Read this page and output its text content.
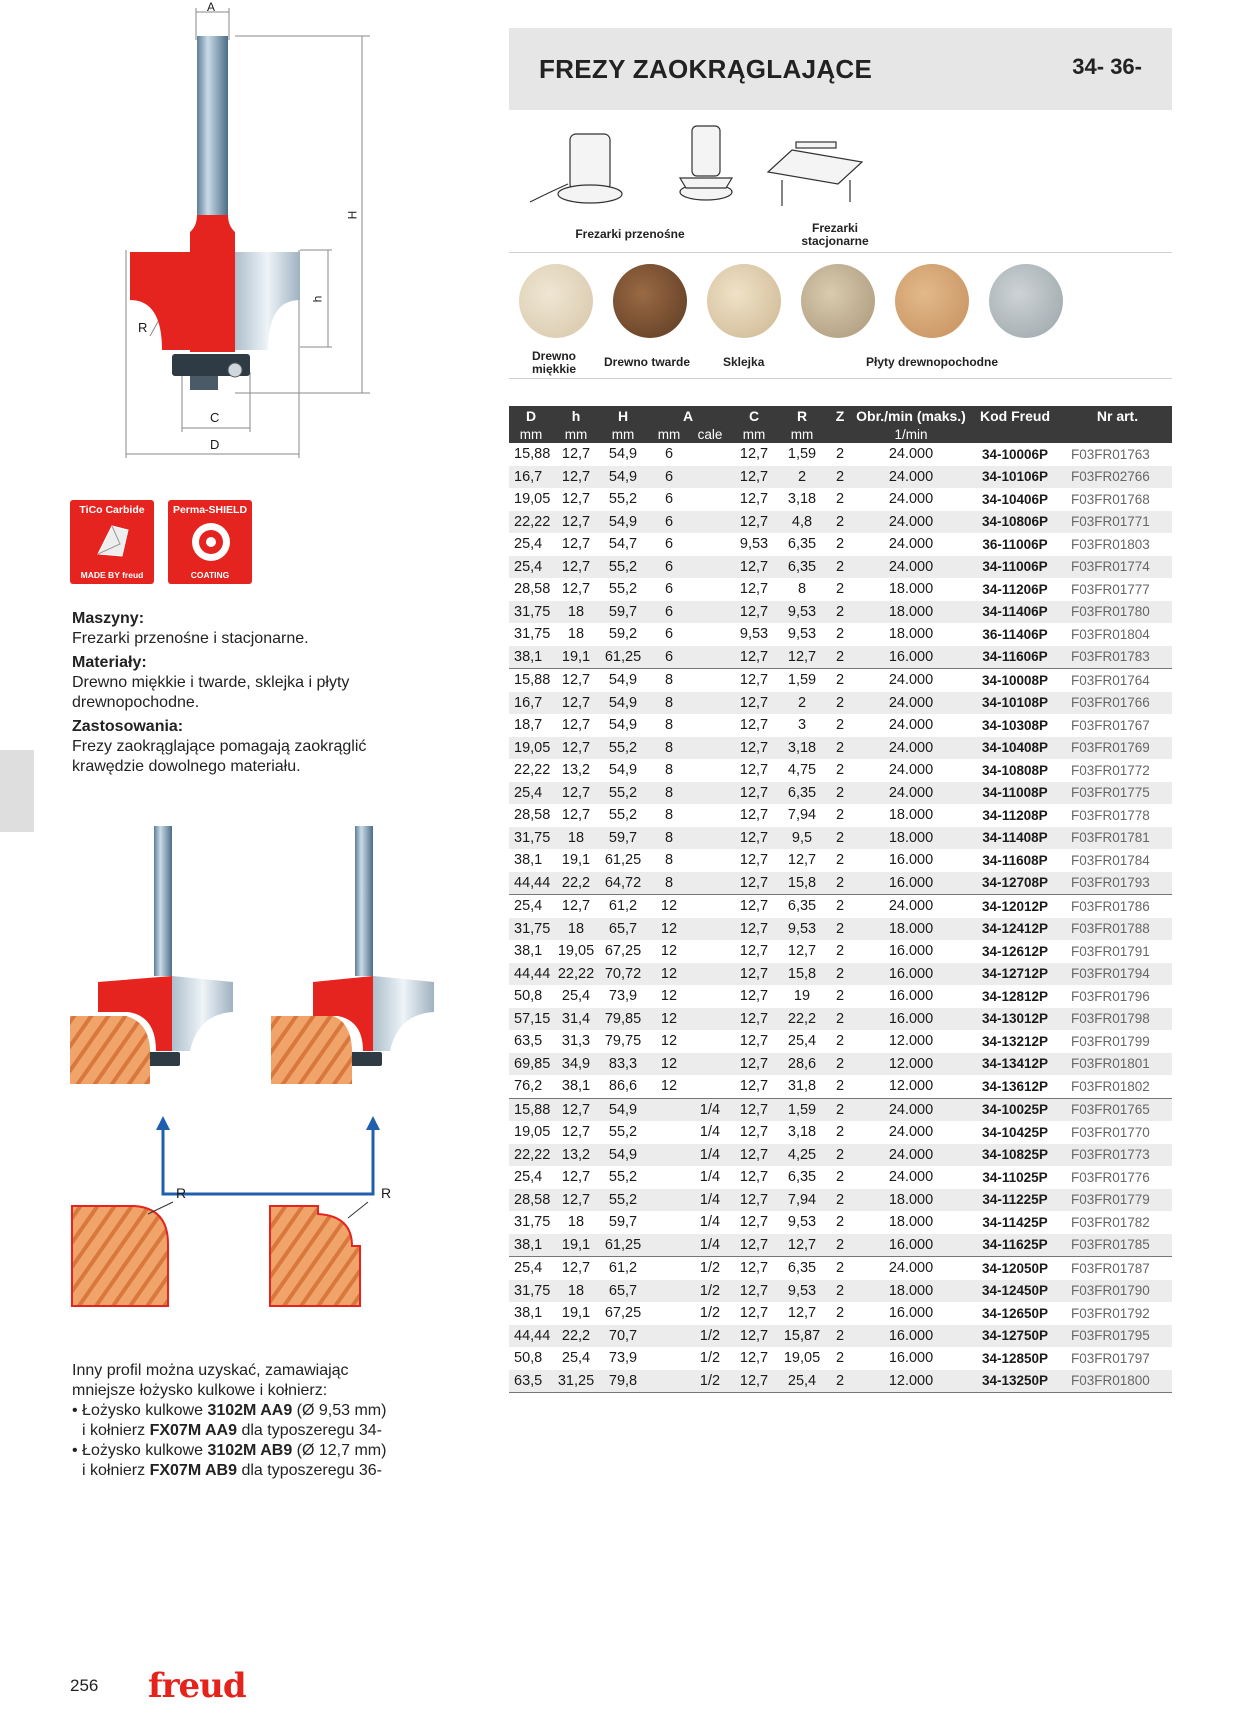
A
H
h
R
C
D
TiCo Carbide
MADE BY freud
Perma-SHIELD
COATING
Maszyny:
Frezarki przenośne i stacjonarne.
Materiały:
Drewno miękkie i twarde, sklejka i płyty
drewnopochodne.
Zastosowania:
Frezy zaokrąglające pomagają zaokrąglić
krawędzie dowolnego materiału.
R	R
Inny profil można uzyskać, zamawiając
mniejsze łożysko kulkowe i kołnierz:
• Łożysko kulkowe 3102M AA9 (Ø 9,53 mm)
i kołnierz FX07M AA9 dla typoszeregu 34-
• Łożysko kulkowe 3102M AB9 (Ø 12,7 mm)
i kołnierz FX07M AB9 dla typoszeregu 36-
256 freud
FREZY ZAOKRĄGLAJĄCE	34- 36-
Frezarki przenośne	Frezarki
stacjonarne
Drewno
miękkie Drewno twarde	Sklejka	Płyty drewnopochodne
D	h	H	A		C	R	Z	Obr./min (maks.)	Kod Freud	Nr art.
mm	mm	mm	mm	cale	mm	mm		1/min		
15,88	12,7	54,9	6		12,7	1,59	2	24.000	34-10006P	F03FR01763
16,7	12,7	54,9	6		12,7	2	2	24.000	34-10106P	F03FR02766
19,05	12,7	55,2	6		12,7	3,18	2	24.000	34-10406P	F03FR01768
22,22	12,7	54,9	6		12,7	4,8	2	24.000	34-10806P	F03FR01771
25,4	12,7	54,7	6		9,53	6,35	2	24.000	36-11006P	F03FR01803
25,4	12,7	55,2	6		12,7	6,35	2	24.000	34-11006P	F03FR01774
28,58	12,7	55,2	6		12,7	8	2	18.000	34-11206P	F03FR01777
31,75	18	59,7	6		12,7	9,53	2	18.000	34-11406P	F03FR01780
31,75	18	59,2	6		9,53	9,53	2	18.000	36-11406P	F03FR01804
38,1	19,1	61,25	6		12,7	12,7	2	16.000	34-11606P	F03FR01783
15,88	12,7	54,9	8		12,7	1,59	2	24.000	34-10008P	F03FR01764
16,7	12,7	54,9	8		12,7	2	2	24.000	34-10108P	F03FR01766
18,7	12,7	54,9	8		12,7	3	2	24.000	34-10308P	F03FR01767
19,05	12,7	55,2	8		12,7	3,18	2	24.000	34-10408P	F03FR01769
22,22	13,2	54,9	8		12,7	4,75	2	24.000	34-10808P	F03FR01772
25,4	12,7	55,2	8		12,7	6,35	2	24.000	34-11008P	F03FR01775
28,58	12,7	55,2	8		12,7	7,94	2	18.000	34-11208P	F03FR01778
31,75	18	59,7	8		12,7	9,5	2	18.000	34-11408P	F03FR01781
38,1	19,1	61,25	8		12,7	12,7	2	16.000	34-11608P	F03FR01784
44,44	22,2	64,72	8		12,7	15,8	2	16.000	34-12708P	F03FR01793
25,4	12,7	61,2	12		12,7	6,35	2	24.000	34-12012P	F03FR01786
31,75	18	65,7	12		12,7	9,53	2	18.000	34-12412P	F03FR01788
38,1	19,05	67,25	12		12,7	12,7	2	16.000	34-12612P	F03FR01791
44,44	22,22	70,72	12		12,7	15,8	2	16.000	34-12712P	F03FR01794
50,8	25,4	73,9	12		12,7	19	2	16.000	34-12812P	F03FR01796
57,15	31,4	79,85	12		12,7	22,2	2	16.000	34-13012P	F03FR01798
63,5	31,3	79,75	12		12,7	25,4	2	12.000	34-13212P	F03FR01799
69,85	34,9	83,3	12		12,7	28,6	2	12.000	34-13412P	F03FR01801
76,2	38,1	86,6	12		12,7	31,8	2	12.000	34-13612P	F03FR01802
15,88	12,7	54,9		1/4	12,7	1,59	2	24.000	34-10025P	F03FR01765
19,05	12,7	55,2		1/4	12,7	3,18	2	24.000	34-10425P	F03FR01770
22,22	13,2	54,9		1/4	12,7	4,25	2	24.000	34-10825P	F03FR01773
25,4	12,7	55,2		1/4	12,7	6,35	2	24.000	34-11025P	F03FR01776
28,58	12,7	55,2		1/4	12,7	7,94	2	18.000	34-11225P	F03FR01779
31,75	18	59,7		1/4	12,7	9,53	2	18.000	34-11425P	F03FR01782
38,1	19,1	61,25		1/4	12,7	12,7	2	16.000	34-11625P	F03FR01785
25,4	12,7	61,2		1/2	12,7	6,35	2	24.000	34-12050P	F03FR01787
31,75	18	65,7		1/2	12,7	9,53	2	18.000	34-12450P	F03FR01790
38,1	19,1	67,25		1/2	12,7	12,7	2	16.000	34-12650P	F03FR01792
44,44	22,2	70,7		1/2	12,7	15,87	2	16.000	34-12750P	F03FR01795
50,8	25,4	73,9		1/2	12,7	19,05	2	16.000	34-12850P	F03FR01797
63,5	31,25	79,8		1/2	12,7	25,4	2	12.000	34-13250P	F03FR01800
